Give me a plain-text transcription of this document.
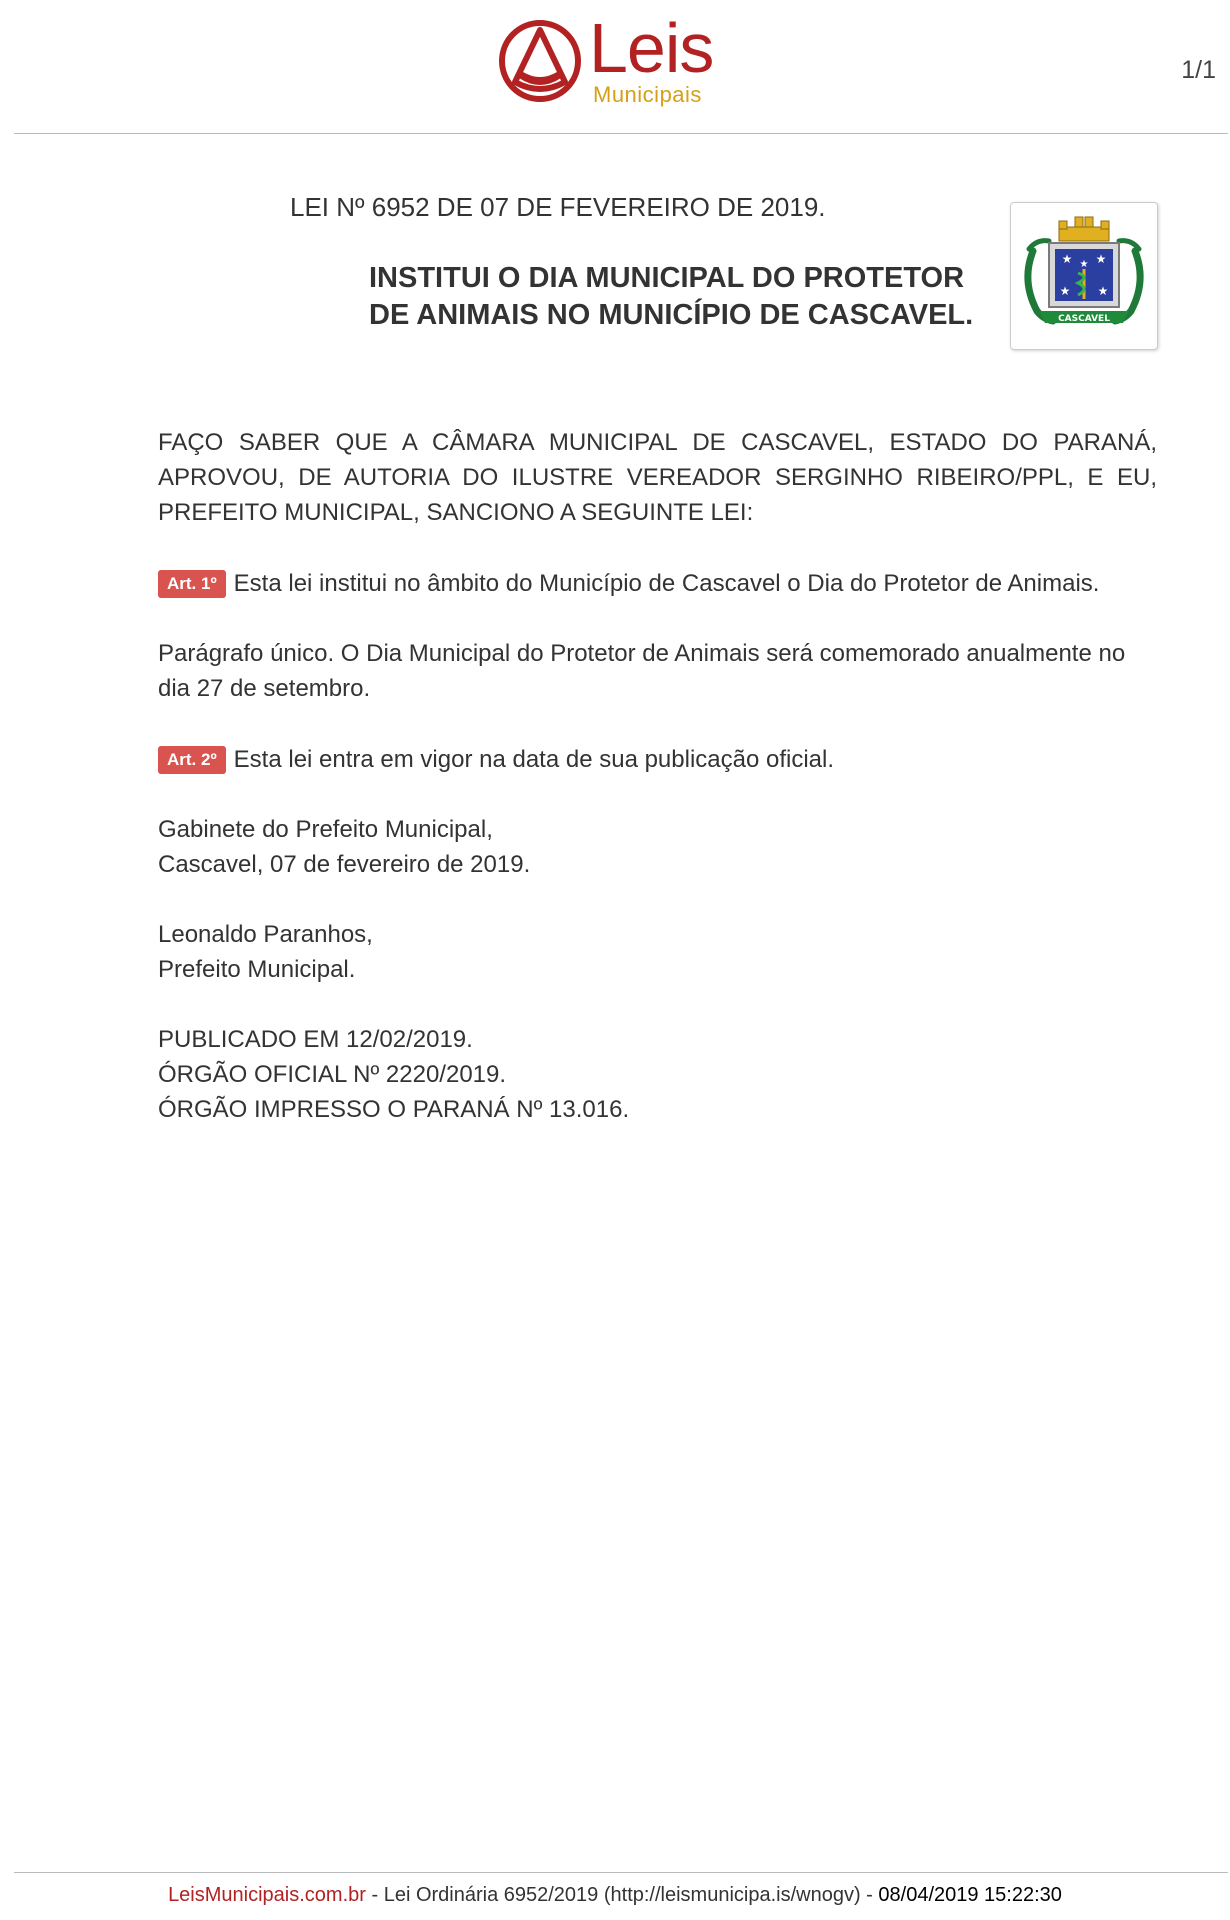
Leis
Municipais
1/1
LEI Nº 6952 DE 07 DE FEVEREIRO DE 2019.
INSTITUI O DIA MUNICIPAL DO PROTETOR DE ANIMAIS NO MUNICÍPIO DE CASCAVEL.
★ ★
★
★ ★
CASCAVEL
FAÇO SABER QUE A CÂMARA MUNICIPAL DE CASCAVEL, ESTADO DO PARANÁ, APROVOU, DE AUTORIA DO ILUSTRE VEREADOR SERGINHO RIBEIRO/PPL, E EU, PREFEITO MUNICIPAL, SANCIONO A SEGUINTE LEI:
Art. 1º Esta lei institui no âmbito do Município de Cascavel o Dia do Protetor de Animais.
Parágrafo único. O Dia Municipal do Protetor de Animais será comemorado anualmente no dia 27 de setembro.
Art. 2º Esta lei entra em vigor na data de sua publicação oficial.
Gabinete do Prefeito Municipal,
Cascavel, 07 de fevereiro de 2019.
Leonaldo Paranhos,
Prefeito Municipal.
PUBLICADO EM 12/02/2019.
ÓRGÃO OFICIAL Nº 2220/2019.
ÓRGÃO IMPRESSO O PARANÁ Nº 13.016.
LeisMunicipais.com.br - Lei Ordinária 6952/2019 (http://leismunicipa.is/wnogv) - 08/04/2019 15:22:30
